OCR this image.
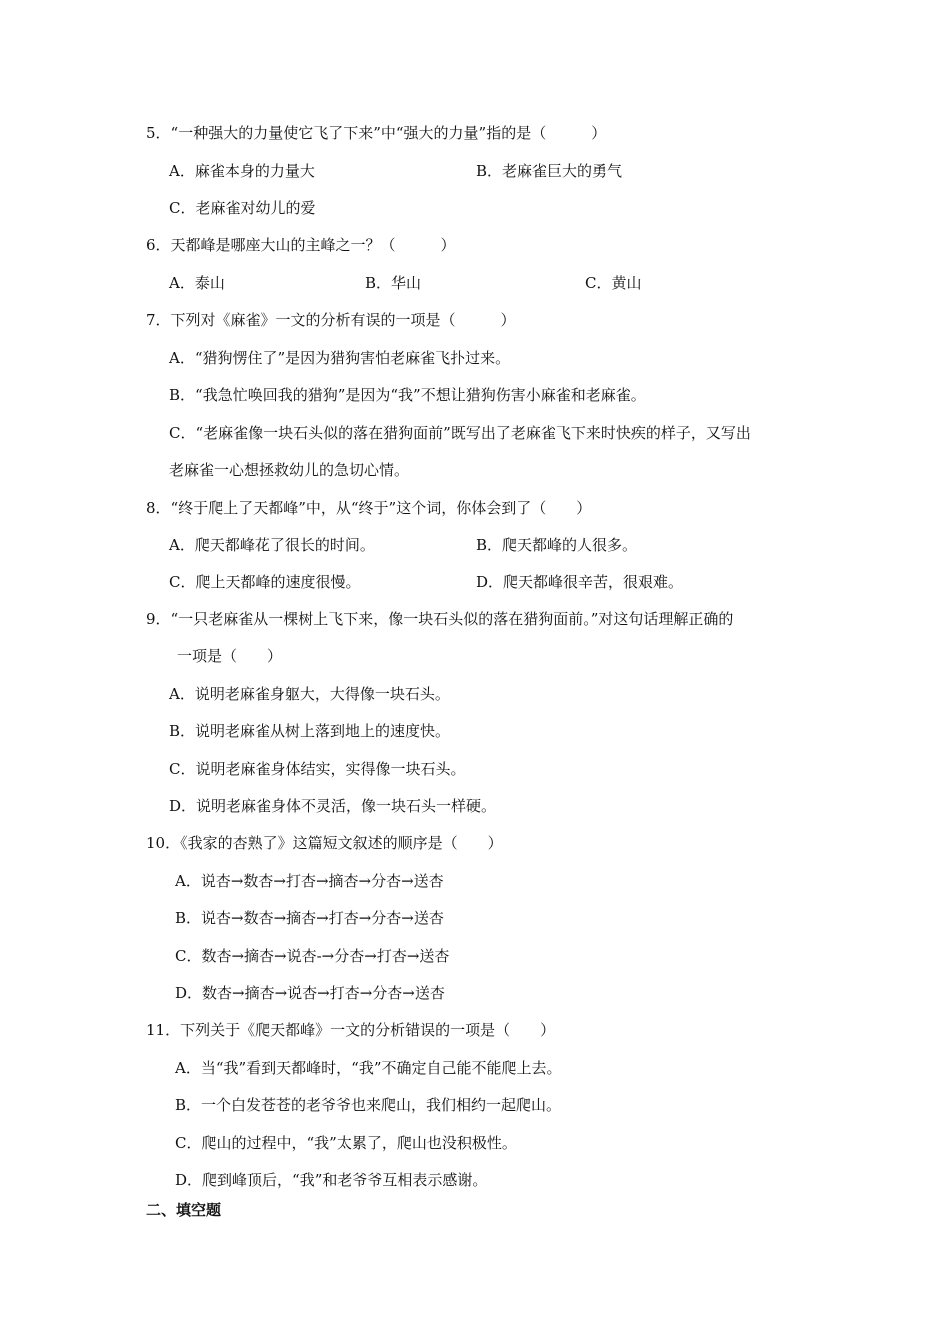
5．“一种强大的力量使它飞了下来”中“强大的力量”指的是（　　　）
A．麻雀本身的力量大	B．老麻雀巨大的勇气
C．老麻雀对幼儿的爱
6．天都峰是哪座大山的主峰之一？（　　　）
A．泰山	B．华山	C．黄山
7．下列对《麻雀》一文的分析有误的一项是（　　　）
A．“猎狗愣住了”是因为猎狗害怕老麻雀飞扑过来。
B．“我急忙唤回我的猎狗”是因为“我”不想让猎狗伤害小麻雀和老麻雀。
C．“老麻雀像一块石头似的落在猎狗面前”既写出了老麻雀飞下来时快疾的样子，又写出
老麻雀一心想拯救幼儿的急切心情。
8．“终于爬上了天都峰”中，从“终于”这个词，你体会到了（　　）
A．爬天都峰花了很长的时间。	B．爬天都峰的人很多。
C．爬上天都峰的速度很慢。	D．爬天都峰很辛苦，很艰难。
9．“一只老麻雀从一棵树上飞下来，像一块石头似的落在猎狗面前。”对这句话理解正确的
一项是（　　）
A．说明老麻雀身躯大，大得像一块石头。
B．说明老麻雀从树上落到地上的速度快。
C．说明老麻雀身体结实，实得像一块石头。
D．说明老麻雀身体不灵活，像一块石头一样硬。
10．《我家的杏熟了》这篇短文叙述的顺序是（　　）
A．说杏→数杏→打杏→摘杏→分杏→送杏
B．说杏→数杏→摘杏→打杏→分杏→送杏
C．数杏→摘杏→说杏-→分杏→打杏→送杏
D．数杏→摘杏→说杏→打杏→分杏→送杏
11．下列关于《爬天都峰》一文的分析错误的一项是（　　）
A．当“我”看到天都峰时，“我”不确定自己能不能爬上去。
B．一个白发苍苍的老爷爷也来爬山，我们相约一起爬山。
C．爬山的过程中，“我”太累了，爬山也没积极性。
D．爬到峰顶后，“我”和老爷爷互相表示感谢。
二、填空题
